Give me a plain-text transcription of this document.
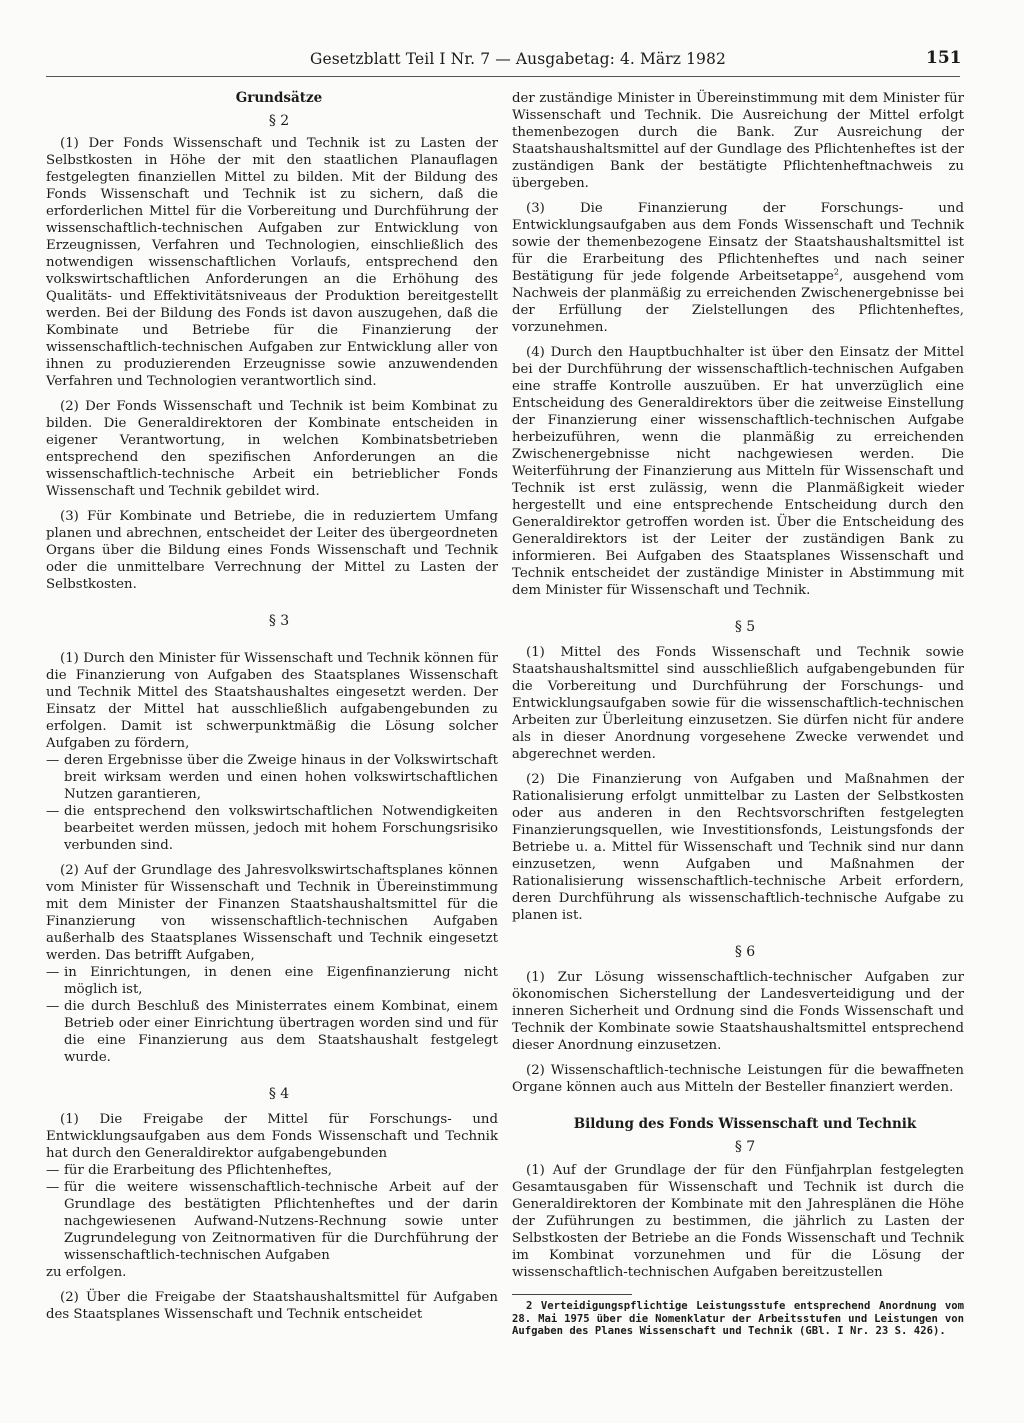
Gesetzblatt Teil I Nr. 7 — Ausgabetag: 4. März 1982	151

Grundsätze

§ 2

(1) Der Fonds Wissenschaft und Technik ist zu Lasten der Selbstkosten in Höhe der mit den staatlichen Planauflagen festgelegten finanziellen Mittel zu bilden. Mit der Bildung des Fonds Wissenschaft und Technik ist zu sichern, daß die erforderlichen Mittel für die Vorbereitung und Durchführung der wissenschaftlich-technischen Aufgaben zur Entwicklung von Erzeugnissen, Verfahren und Technologien, einschließlich des notwendigen wissenschaftlichen Vorlaufs, entsprechend den volkswirtschaftlichen Anforderungen an die Erhöhung des Qualitäts- und Effektivitätsniveaus der Produktion bereitgestellt werden. Bei der Bildung des Fonds ist davon auszugehen, daß die Kombinate und Betriebe für die Finanzierung der wissenschaftlich-technischen Aufgaben zur Entwicklung aller von ihnen zu produzierenden Erzeugnisse sowie anzuwendenden Verfahren und Technologien verantwortlich sind.

(2) Der Fonds Wissenschaft und Technik ist beim Kombinat zu bilden. Die Generaldirektoren der Kombinate entscheiden in eigener Verantwortung, in welchen Kombinatsbetrieben entsprechend den spezifischen Anforderungen an die wissenschaftlich-technische Arbeit ein betrieblicher Fonds Wissenschaft und Technik gebildet wird.

(3) Für Kombinate und Betriebe, die in reduziertem Umfang planen und abrechnen, entscheidet der Leiter des übergeordneten Organs über die Bildung eines Fonds Wissenschaft und Technik oder die unmittelbare Verrechnung der Mittel zu Lasten der Selbstkosten.

§ 3

(1) Durch den Minister für Wissenschaft und Technik können für die Finanzierung von Aufgaben des Staatsplanes Wissenschaft und Technik Mittel des Staatshaushaltes eingesetzt werden. Der Einsatz der Mittel hat ausschließlich aufgabengebunden zu erfolgen. Damit ist schwerpunktmäßig die Lösung solcher Aufgaben zu fördern,

— deren Ergebnisse über die Zweige hinaus in der Volkswirtschaft breit wirksam werden und einen hohen volkswirtschaftlichen Nutzen garantieren,
— die entsprechend den volkswirtschaftlichen Notwendigkeiten bearbeitet werden müssen, jedoch mit hohem Forschungsrisiko verbunden sind.

(2) Auf der Grundlage des Jahresvolkswirtschaftsplanes können vom Minister für Wissenschaft und Technik in Übereinstimmung mit dem Minister der Finanzen Staatshaushaltsmittel für die Finanzierung von wissenschaftlich-technischen Aufgaben außerhalb des Staatsplanes Wissenschaft und Technik eingesetzt werden. Das betrifft Aufgaben,

— in Einrichtungen, in denen eine Eigenfinanzierung nicht möglich ist,
— die durch Beschluß des Ministerrates einem Kombinat, einem Betrieb oder einer Einrichtung übertragen worden sind und für die eine Finanzierung aus dem Staatshaushalt festgelegt wurde.

§ 4

(1) Die Freigabe der Mittel für Forschungs- und Entwicklungsaufgaben aus dem Fonds Wissenschaft und Technik hat durch den Generaldirektor aufgabengebunden

— für die Erarbeitung des Pflichtenheftes,
— für die weitere wissenschaftlich-technische Arbeit auf der Grundlage des bestätigten Pflichtenheftes und der darin nachgewiesenen Aufwand-Nutzens-Rechnung sowie unter Zugrundelegung von Zeitnormativen für die Durchführung der wissenschaftlich-technischen Aufgaben

zu erfolgen.

(2) Über die Freigabe der Staatshaushaltsmittel für Aufgaben des Staatsplanes Wissenschaft und Technik entscheidet

der zuständige Minister in Übereinstimmung mit dem Minister für Wissenschaft und Technik. Die Ausreichung der Mittel erfolgt themenbezogen durch die Bank. Zur Ausreichung der Staatshaushaltsmittel auf der Gundlage des Pflichtenheftes ist der zuständigen Bank der bestätigte Pflichtenheftnachweis zu übergeben.

(3) Die Finanzierung der Forschungs- und Entwicklungsaufgaben aus dem Fonds Wissenschaft und Technik sowie der themenbezogene Einsatz der Staatshaushaltsmittel ist für die Erarbeitung des Pflichtenheftes und nach seiner Bestätigung für jede folgende Arbeitsetappe$^2$, ausgehend vom Nachweis der planmäßig zu erreichenden Zwischenergebnisse bei der Erfüllung der Zielstellungen des Pflichtenheftes, vorzunehmen.

(4) Durch den Hauptbuchhalter ist über den Einsatz der Mittel bei der Durchführung der wissenschaftlich-technischen Aufgaben eine straffe Kontrolle auszuüben. Er hat unverzüglich eine Entscheidung des Generaldirektors über die zeitweise Einstellung der Finanzierung einer wissenschaftlich-technischen Aufgabe herbeizuführen, wenn die planmäßig zu erreichenden Zwischenergebnisse nicht nachgewiesen werden. Die Weiterführung der Finanzierung aus Mitteln für Wissenschaft und Technik ist erst zulässig, wenn die Planmäßigkeit wieder hergestellt und eine entsprechende Entscheidung durch den Generaldirektor getroffen worden ist. Über die Entscheidung des Generaldirektors ist der Leiter der zuständigen Bank zu informieren. Bei Aufgaben des Staatsplanes Wissenschaft und Technik entscheidet der zuständige Minister in Abstimmung mit dem Minister für Wissenschaft und Technik.

§ 5

(1) Mittel des Fonds Wissenschaft und Technik sowie Staatshaushaltsmittel sind ausschließlich aufgabengebunden für die Vorbereitung und Durchführung der Forschungs- und Entwicklungsaufgaben sowie für die wissenschaftlich-technischen Arbeiten zur Überleitung einzusetzen. Sie dürfen nicht für andere als in dieser Anordnung vorgesehene Zwecke verwendet und abgerechnet werden.

(2) Die Finanzierung von Aufgaben und Maßnahmen der Rationalisierung erfolgt unmittelbar zu Lasten der Selbstkosten oder aus anderen in den Rechtsvorschriften festgelegten Finanzierungsquellen, wie Investitionsfonds, Leistungsfonds der Betriebe u. a. Mittel für Wissenschaft und Technik sind nur dann einzusetzen, wenn Aufgaben und Maßnahmen der Rationalisierung wissenschaftlich-technische Arbeit erfordern, deren Durchführung als wissenschaftlich-technische Aufgabe zu planen ist.

§ 6

(1) Zur Lösung wissenschaftlich-technischer Aufgaben zur ökonomischen Sicherstellung der Landesverteidigung und der inneren Sicherheit und Ordnung sind die Fonds Wissenschaft und Technik der Kombinate sowie Staatshaushaltsmittel entsprechend dieser Anordnung einzusetzen.

(2) Wissenschaftlich-technische Leistungen für die bewaffneten Organe können auch aus Mitteln der Besteller finanziert werden.

Bildung des Fonds Wissenschaft und Technik

§ 7

(1) Auf der Grundlage der für den Fünfjahrplan festgelegten Gesamtausgaben für Wissenschaft und Technik ist durch die Generaldirektoren der Kombinate mit den Jahresplänen die Höhe der Zuführungen zu bestimmen, die jährlich zu Lasten der Selbstkosten der Betriebe an die Fonds Wissenschaft und Technik im Kombinat vorzunehmen und für die Lösung der wissenschaftlich-technischen Aufgaben bereitzustellen

2 Verteidigungspflichtige Leistungsstufe entsprechend Anordnung vom 28. Mai 1975 über die Nomenklatur der Arbeitsstufen und Leistungen von Aufgaben des Planes Wissenschaft und Technik (GBl. I Nr. 23 S. 426).
